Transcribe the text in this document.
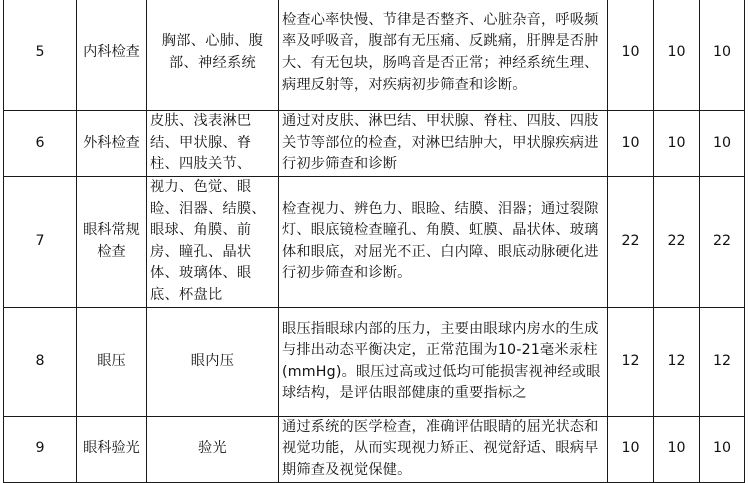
5	内科检查	胸部、心肺、腹部、神经系统	检查心率快慢、节律是否整齐、心脏杂音，呼吸频率及呼吸音，腹部有无压痛、反跳痛，肝脾是否肿大、有无包块，肠鸣音是否正常；神经系统生理、病理反射等，对疾病初步筛查和诊断。	10	10	10
6	外科检查	皮肤、浅表淋巴结、甲状腺、脊柱、四肢关节、	通过对皮肤、淋巴结、甲状腺、脊柱、四肢、四肢关节等部位的检查，对淋巴结肿大，甲状腺疾病进行初步筛查和诊断	10	10	10
7	眼科常规检查	视力、色觉、眼睑、泪器、结膜、眼球、角膜、前房、瞳孔、晶状体、玻璃体、眼底、杯盘比	检查视力、辨色力、眼睑、结膜、泪器；通过裂隙灯、眼底镜检查瞳孔、角膜、虹膜、晶状体、玻璃体和眼底，对屈光不正、白内障、眼底动脉硬化进行初步筛查和诊断。	22	22	22
8	眼压	眼内压	眼压指眼球内部的压力，主要由眼球内房水的生成与排出动态平衡决定，正常范围为10-21毫米汞柱(mmHg)。眼压过高或过低均可能损害视神经或眼球结构，是评估眼部健康的重要指标之	12	12	12
9	眼科验光	验光	通过系统的医学检查，准确评估眼睛的屈光状态和视觉功能，从而实现视力矫正、视觉舒适、眼病早期筛查及视觉保健。	10	10	10
